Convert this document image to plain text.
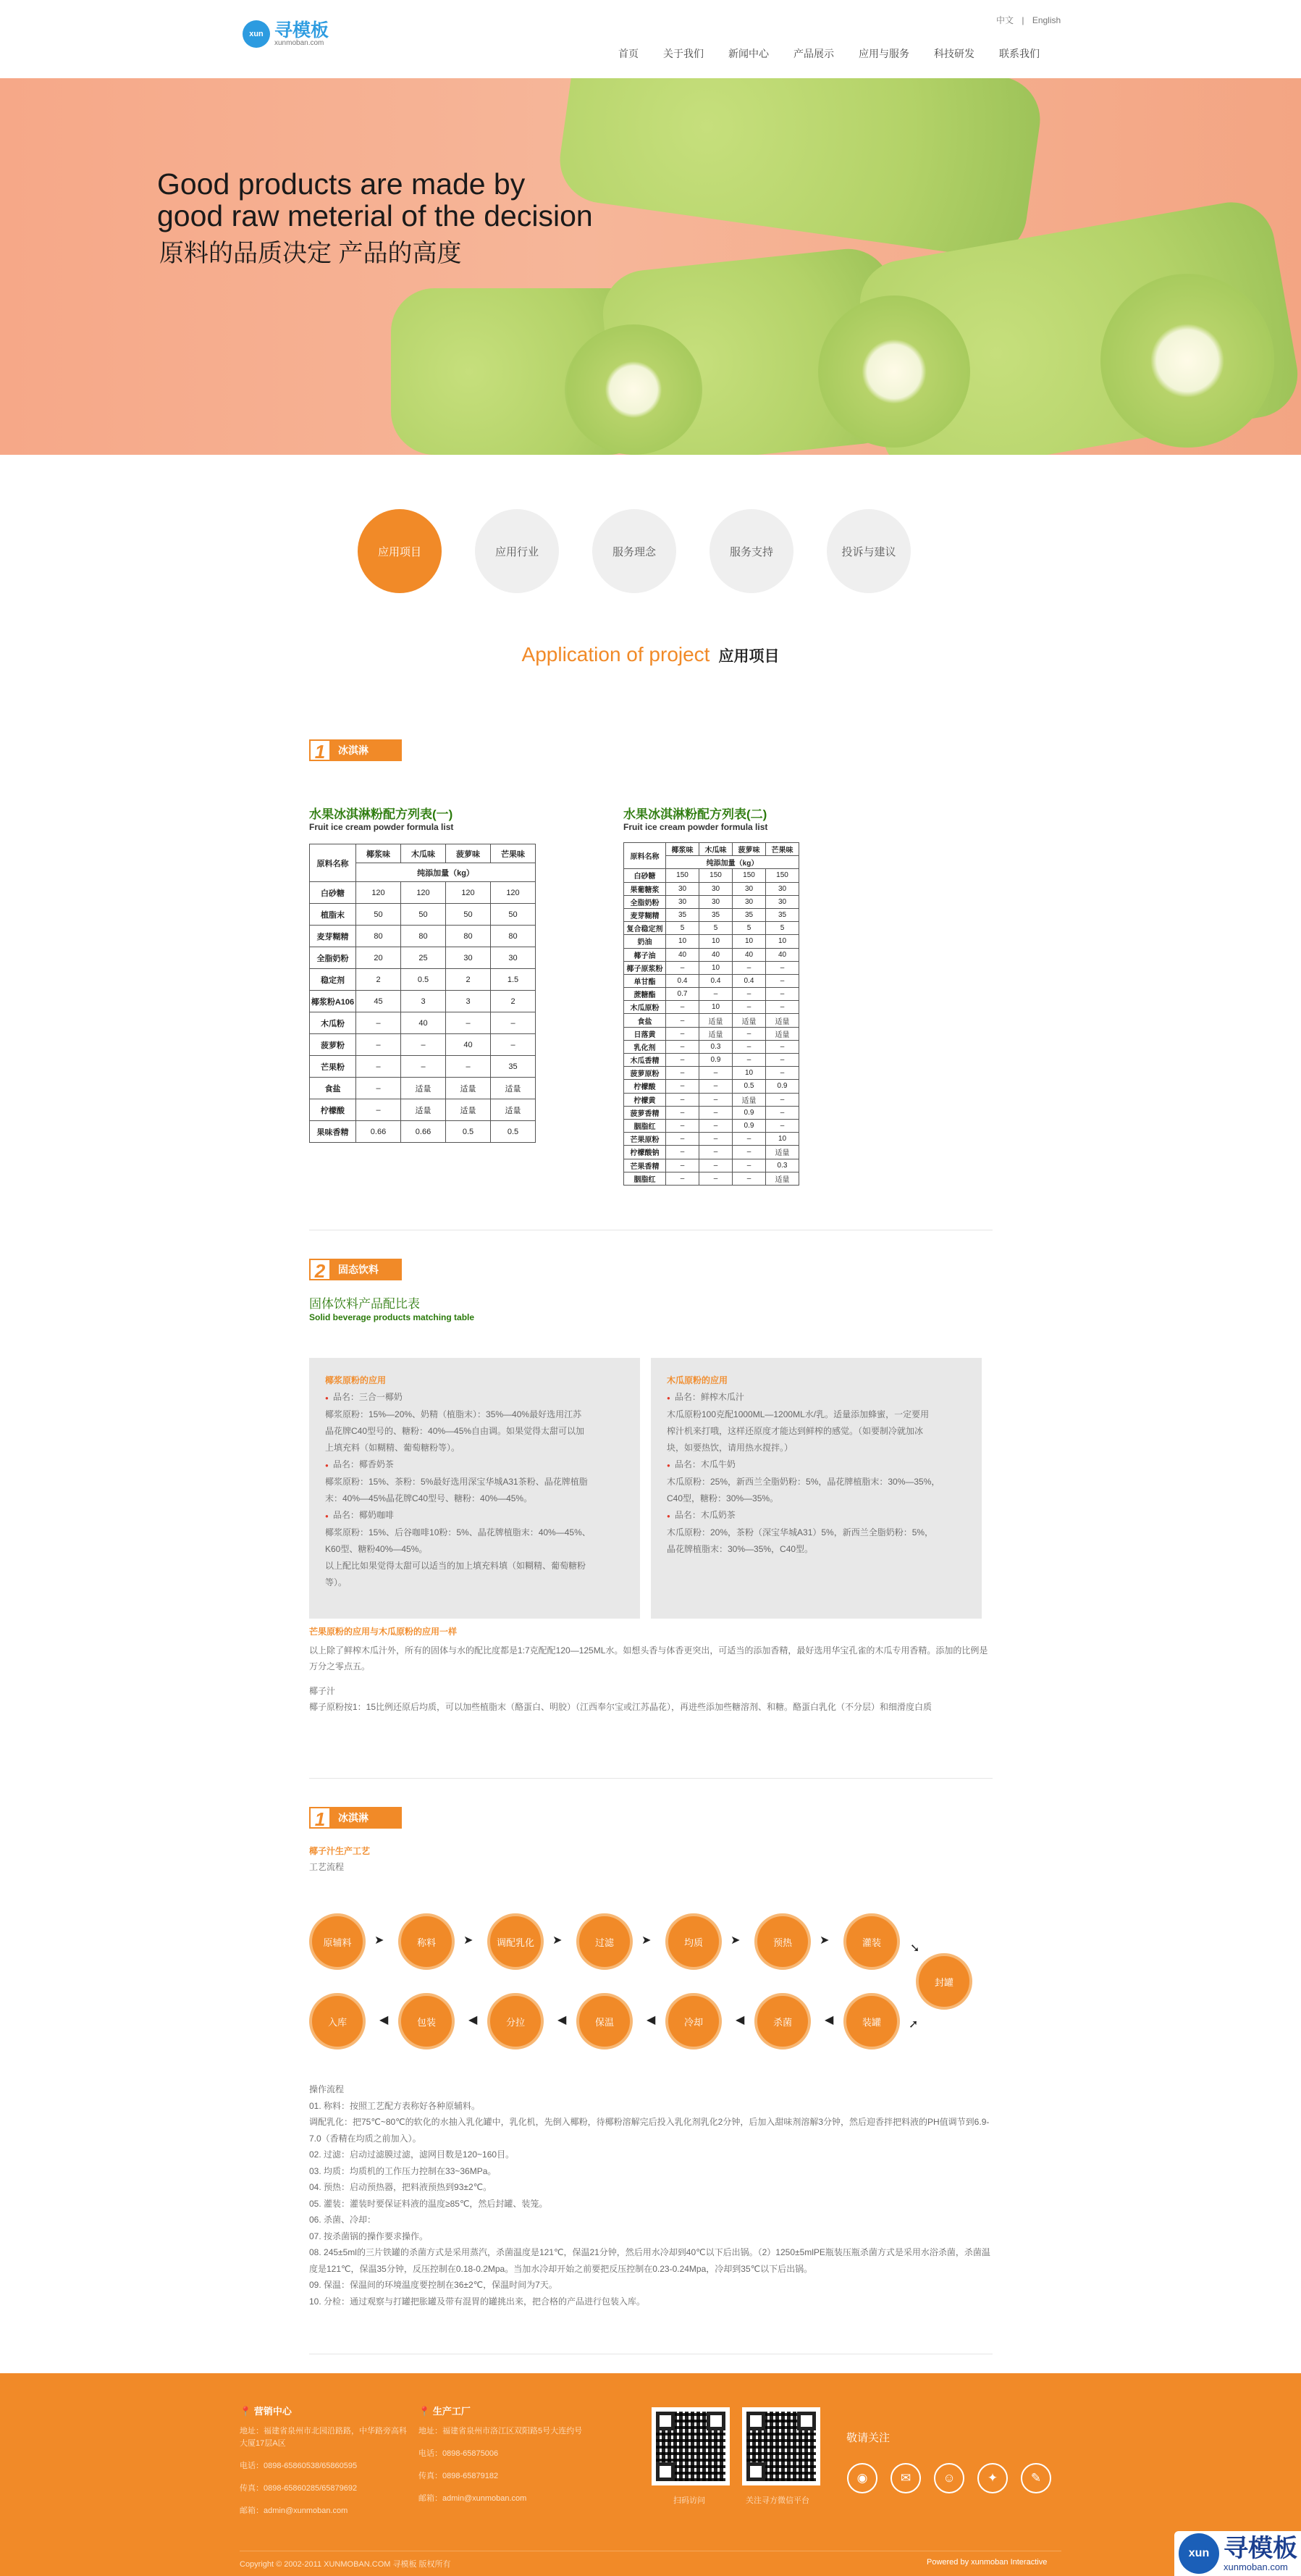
xun 寻模板
xunmoban.com
中文 | English
首页	关于我们	新闻中心	产品展示	应用与服务	科技研发	联系我们
Good products are made by
good raw meterial of the decision
原料的品质决定 产品的高度
应用项目	应用行业	服务理念	服务支持	投诉与建议
Application of project 应用项目
1	冰淇淋
水果冰淇淋粉配方列表(一)
Fruit ice cream powder formula list
原料名称	椰浆味	木瓜味	菠萝味	芒果味
	纯添加量（kg）			
白砂糖	120	120	120	120
植脂末	50	50	50	50
麦芽糊精	80	80	80	80
全脂奶粉	20	25	30	30
稳定剂	2	0.5	2	1.5
椰浆粉A106	45	3	3	2
木瓜粉	–	40	–	–
菠萝粉	–	–	40	–
芒果粉	–	–	–	35
食盐	–	适量	适量	适量
柠檬酸	–	适量	适量	适量
果味香精	0.66	0.66	0.5	0.5
水果冰淇淋粉配方列表(二)
Fruit ice cream powder formula list
原料名称	椰浆味	木瓜味	菠萝味	芒果味
	纯添加量（kg）			
白砂糖	150	150	150	150
果葡糖浆	30	30	30	30
全脂奶粉	30	30	30	30
麦芽糊精	35	35	35	35
复合稳定剂	5	5	5	5
奶油	10	10	10	10
椰子油	40	40	40	40
椰子原浆粉	–	10	–	–
单甘酯	0.4	0.4	0.4	–
蔗糖酯	0.7	–	–	–
木瓜原粉	–	10	–	–
食盐	–	适量	适量	适量
日落黄	–	适量	–	适量
乳化剂	–	0.3	–	–
木瓜香精	–	0.9	–	–
菠萝原粉	–	–	10	–
柠檬酸	–	–	0.5	0.9
柠檬黄	–	–	适量	–
菠萝香精	–	–	0.9	–
胭脂红	–	–	0.9	–
芒果原粉	–	–	–	10
柠檬酸钠	–	–	–	适量
芒果香精	–	–	–	0.3
胭脂红	–	–	–	适量
2	固态饮料
固体饮料产品配比表
Solid beverage products matching table
椰浆原粉的应用
● 品名：三合一椰奶
椰浆原粉：15%—20%、奶精（植脂末）：35%—40%最好选用江苏
晶花牌C40型号的、糖粉：40%—45%自由调。如果觉得太甜可以加
上填充料（如糊精、葡萄糖粉等）。
● 品名：椰香奶茶
椰浆原粉：15%、茶粉：5%最好选用深宝华城A31茶粉、晶花牌植脂
末：40%—45%晶花牌C40型号、糖粉：40%—45%。
● 品名：椰奶咖啡
椰浆原粉：15%、后谷咖啡10粉：5%、晶花牌植脂末：40%—45%、
K60型、糖粉40%—45%。
以上配比如果觉得太甜可以适当的加上填充料填（如糊精、葡萄糖粉
等）。
木瓜原粉的应用
● 品名：鲜榨木瓜汁
木瓜原粉100克配1000ML—1200ML水/乳。适量添加蜂蜜，一定要用
榨汁机来打哦，这样还原度才能达到鲜榨的感觉。（如要制冷就加冰
块，如要热饮，请用热水搅拌。）
● 品名：木瓜牛奶
木瓜原粉：25%，新西兰全脂奶粉：5%，晶花牌植脂末：30%—35%，
C40型，糖粉：30%—35%。
● 品名：木瓜奶茶
木瓜原粉：20%，茶粉（深宝华城A31）5%，新西兰全脂奶粉：5%，
晶花牌植脂末：30%—35%，C40型。
芒果原粉的应用与木瓜原粉的应用一样
以上除了鲜榨木瓜汁外，所有的固体与水的配比度都是1:7克配配120—125ML水。如想头香与体香更突出，可适当的添加香精，最好选用华宝孔雀的木瓜专用香精。添加的比例是万分之零点五。
椰子汁
椰子原粉按1：15比例还原后均质，可以加些植脂末（酪蛋白、明胶）（江西奉尔宝或江苏晶花），再进些添加些糖溶剂、和糖。酪蛋白乳化（不分层）和细滑度白质
1	冰淇淋
椰子汁生产工艺
工艺流程
原辅料	➤	称料	➤	调配乳化	➤	过滤	➤	均质	➤	预热	➤	灌装	➘
封罐
➚
入库	◀	包装	◀	分拉	◀	保温	◀	冷却	◀	杀菌	◀	装罐
操作流程
01. 称料：按照工艺配方表称好各种原辅料。
调配乳化：把75℃~80℃的软化的水抽入乳化罐中，乳化机，先倒入椰粉，待椰粉溶解完后投入乳化剂乳化2分钟，后加入甜味剂溶解3分钟，然后迎香拌把料液的PH值调节到6.9-7.0（香精在均质之前加入）。
02. 过滤：启动过滤膜过滤，滤网目数是120~160目。
03. 均质：均质机的工作压力控制在33~36MPa。
04. 预热：启动预热器，把料液预热到93±2℃。
05. 灌装：灌装时要保证料液的温度≥85℃，然后封罐、装笼。
06. 杀菌、冷却：
07. 按杀菌锅的操作要求操作。
08. 245±5ml的三片铁罐的杀菌方式是采用蒸汽，杀菌温度是121℃，保温21分钟，然后用水冷却到40℃以下后出锅。（2）1250±5mlPE瓶装压瓶杀菌方式是采用水浴杀菌，杀菌温度是121℃，保温35分钟，反压控制在0.18-0.2Mpa。当加水冷却开始之前要把反压控制在0.23-0.24Mpa，冷却到35℃以下后出锅。
09. 保温：保温间的环境温度要控制在36±2℃，保温时间为7天。
10. 分检：通过观察与打罐把胀罐及带有混胃的罐挑出来，把合格的产品进行包装入库。
📍 营销中心
地址：福建省泉州市北园沿路路，中华路旁高科大厦17层A区
电话：0898-65860538/65860595
传真：0898-65860285/65879692
邮箱：admin@xunmoban.com
📍 生产工厂
地址：福建省泉州市洛江区双阳路5号大连约号
电话：0898-65875006
传真：0898-65879182
邮箱：admin@xunmoban.com	扫码访问	关注寻方微信平台
敬请关注
◉	✉	☺	✦	✎
Copyright © 2002-2011 XUNMOBAN.COM 寻模板 版权所有	Powered by xunmoban Interactive
xun 寻模板
xunmoban.com
